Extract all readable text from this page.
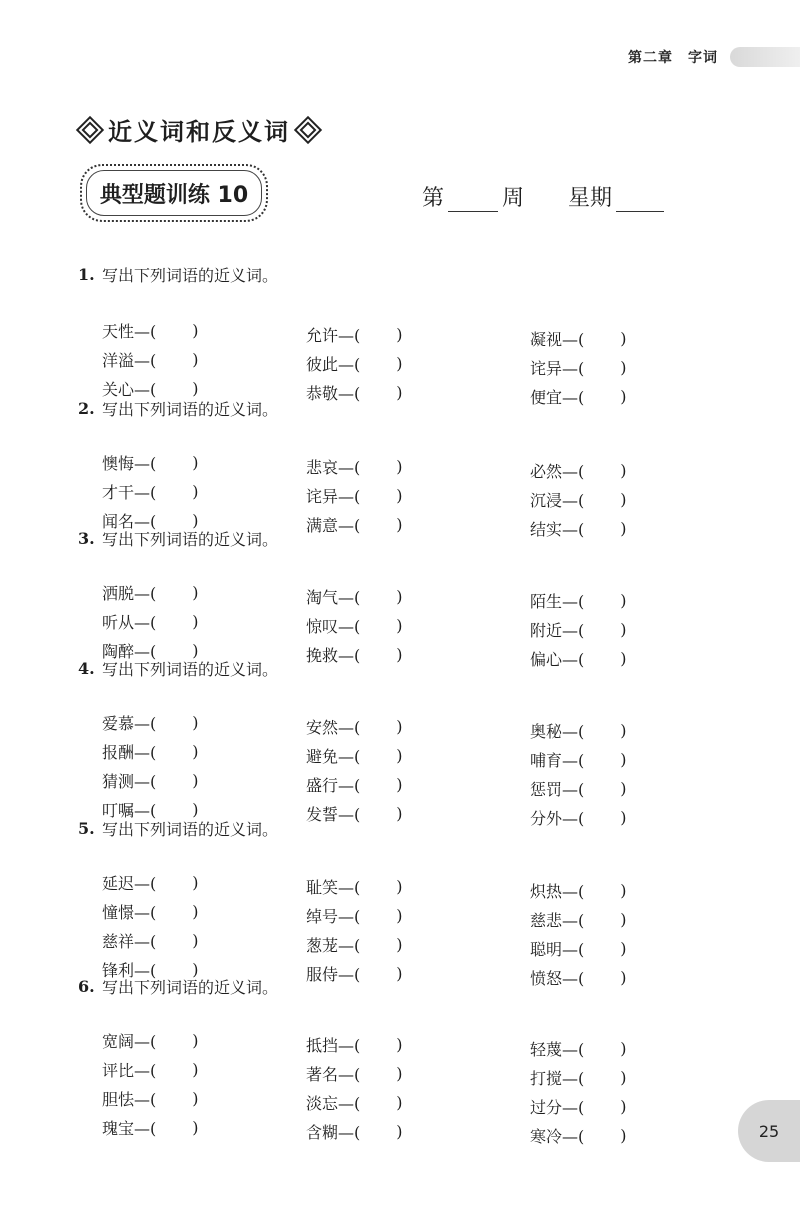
第二章　字词
近义词和反义词
典型题训练 10	第	周 星期
1. 写出下列词语的近义词。
天性—( )	允许—( )	凝视—( )
洋溢—( )	彼此—( )	诧异—( )
关心—( )	恭敬—( )	便宜—( )
2. 写出下列词语的近义词。
懊悔—( )	悲哀—( )	必然—( )
才干—( )	诧异—( )	沉浸—( )
闻名—( )	满意—( )	结实—( )
3. 写出下列词语的近义词。
洒脱—( )	淘气—( )	陌生—( )
听从—( )	惊叹—( )	附近—( )
陶醉—( )	挽救—( )	偏心—( )
4. 写出下列词语的近义词。
爱慕—( )	安然—( )	奥秘—( )
报酬—( )	避免—( )	哺育—( )
猜测—( )	盛行—( )	惩罚—( )
叮嘱—( )	发誓—( )	分外—( )
5. 写出下列词语的近义词。
延迟—( )	耻笑—( )	炽热—( )
憧憬—( )	绰号—( )	慈悲—( )
慈祥—( )	葱茏—( )	聪明—( )
锋利—( )	服侍—( )	愤怒—( )
6. 写出下列词语的近义词。
宽阔—( )	抵挡—( )	轻蔑—( )
评比—( )	著名—( )	打搅—( )
胆怯—( )	淡忘—( )	过分—( )
瑰宝—( )	含糊—( )	寒冷—( )	25
